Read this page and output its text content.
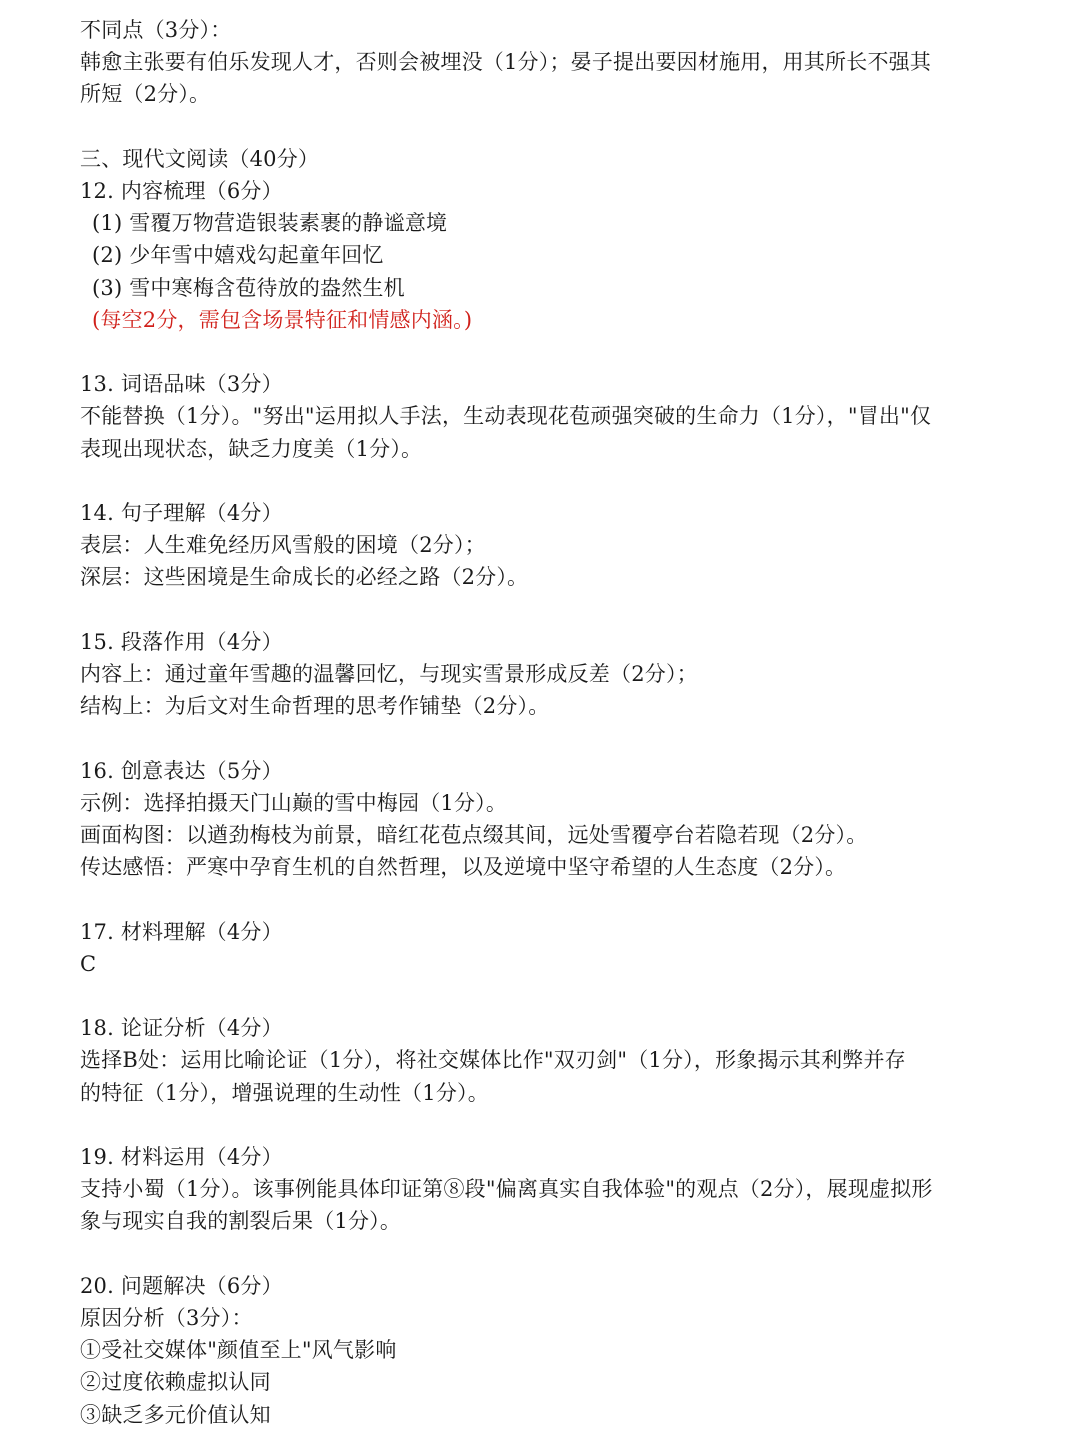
不同点（3分）：

韩愈主张要有伯乐发现人才，否则会被埋没（1分）；晏子提出要因材施用，用其所长不强其

所短（2分）。

三、现代文阅读（40分）

12. 内容梳理（6分）

(1) 雪覆万物营造银装素裹的静谧意境

(2) 少年雪中嬉戏勾起童年回忆

(3) 雪中寒梅含苞待放的盎然生机

(每空2分，需包含场景特征和情感内涵。)

13. 词语品味（3分）

不能替换（1分）。"努出"运用拟人手法，生动表现花苞顽强突破的生命力（1分），"冒出"仅

表现出现状态，缺乏力度美（1分）。

14. 句子理解（4分）

表层：人生难免经历风雪般的困境（2分）；

深层：这些困境是生命成长的必经之路（2分）。

15. 段落作用（4分）

内容上：通过童年雪趣的温馨回忆，与现实雪景形成反差（2分）；

结构上：为后文对生命哲理的思考作铺垫（2分）。

16. 创意表达（5分）

示例：选择拍摄天门山巅的雪中梅园（1分）。

画面构图：以遒劲梅枝为前景，暗红花苞点缀其间，远处雪覆亭台若隐若现（2分）。

传达感悟：严寒中孕育生机的自然哲理，以及逆境中坚守希望的人生态度（2分）。

17. 材料理解（4分）

C

18. 论证分析（4分）

选择B处：运用比喻论证（1分），将社交媒体比作"双刃剑"（1分），形象揭示其利弊并存

的特征（1分），增强说理的生动性（1分）。

19. 材料运用（4分）

支持小蜀（1分）。该事例能具体印证第⑧段"偏离真实自我体验"的观点（2分），展现虚拟形

象与现实自我的割裂后果（1分）。

20. 问题解决（6分）

原因分析（3分）：

①受社交媒体"颜值至上"风气影响

②过度依赖虚拟认同

③缺乏多元价值认知
